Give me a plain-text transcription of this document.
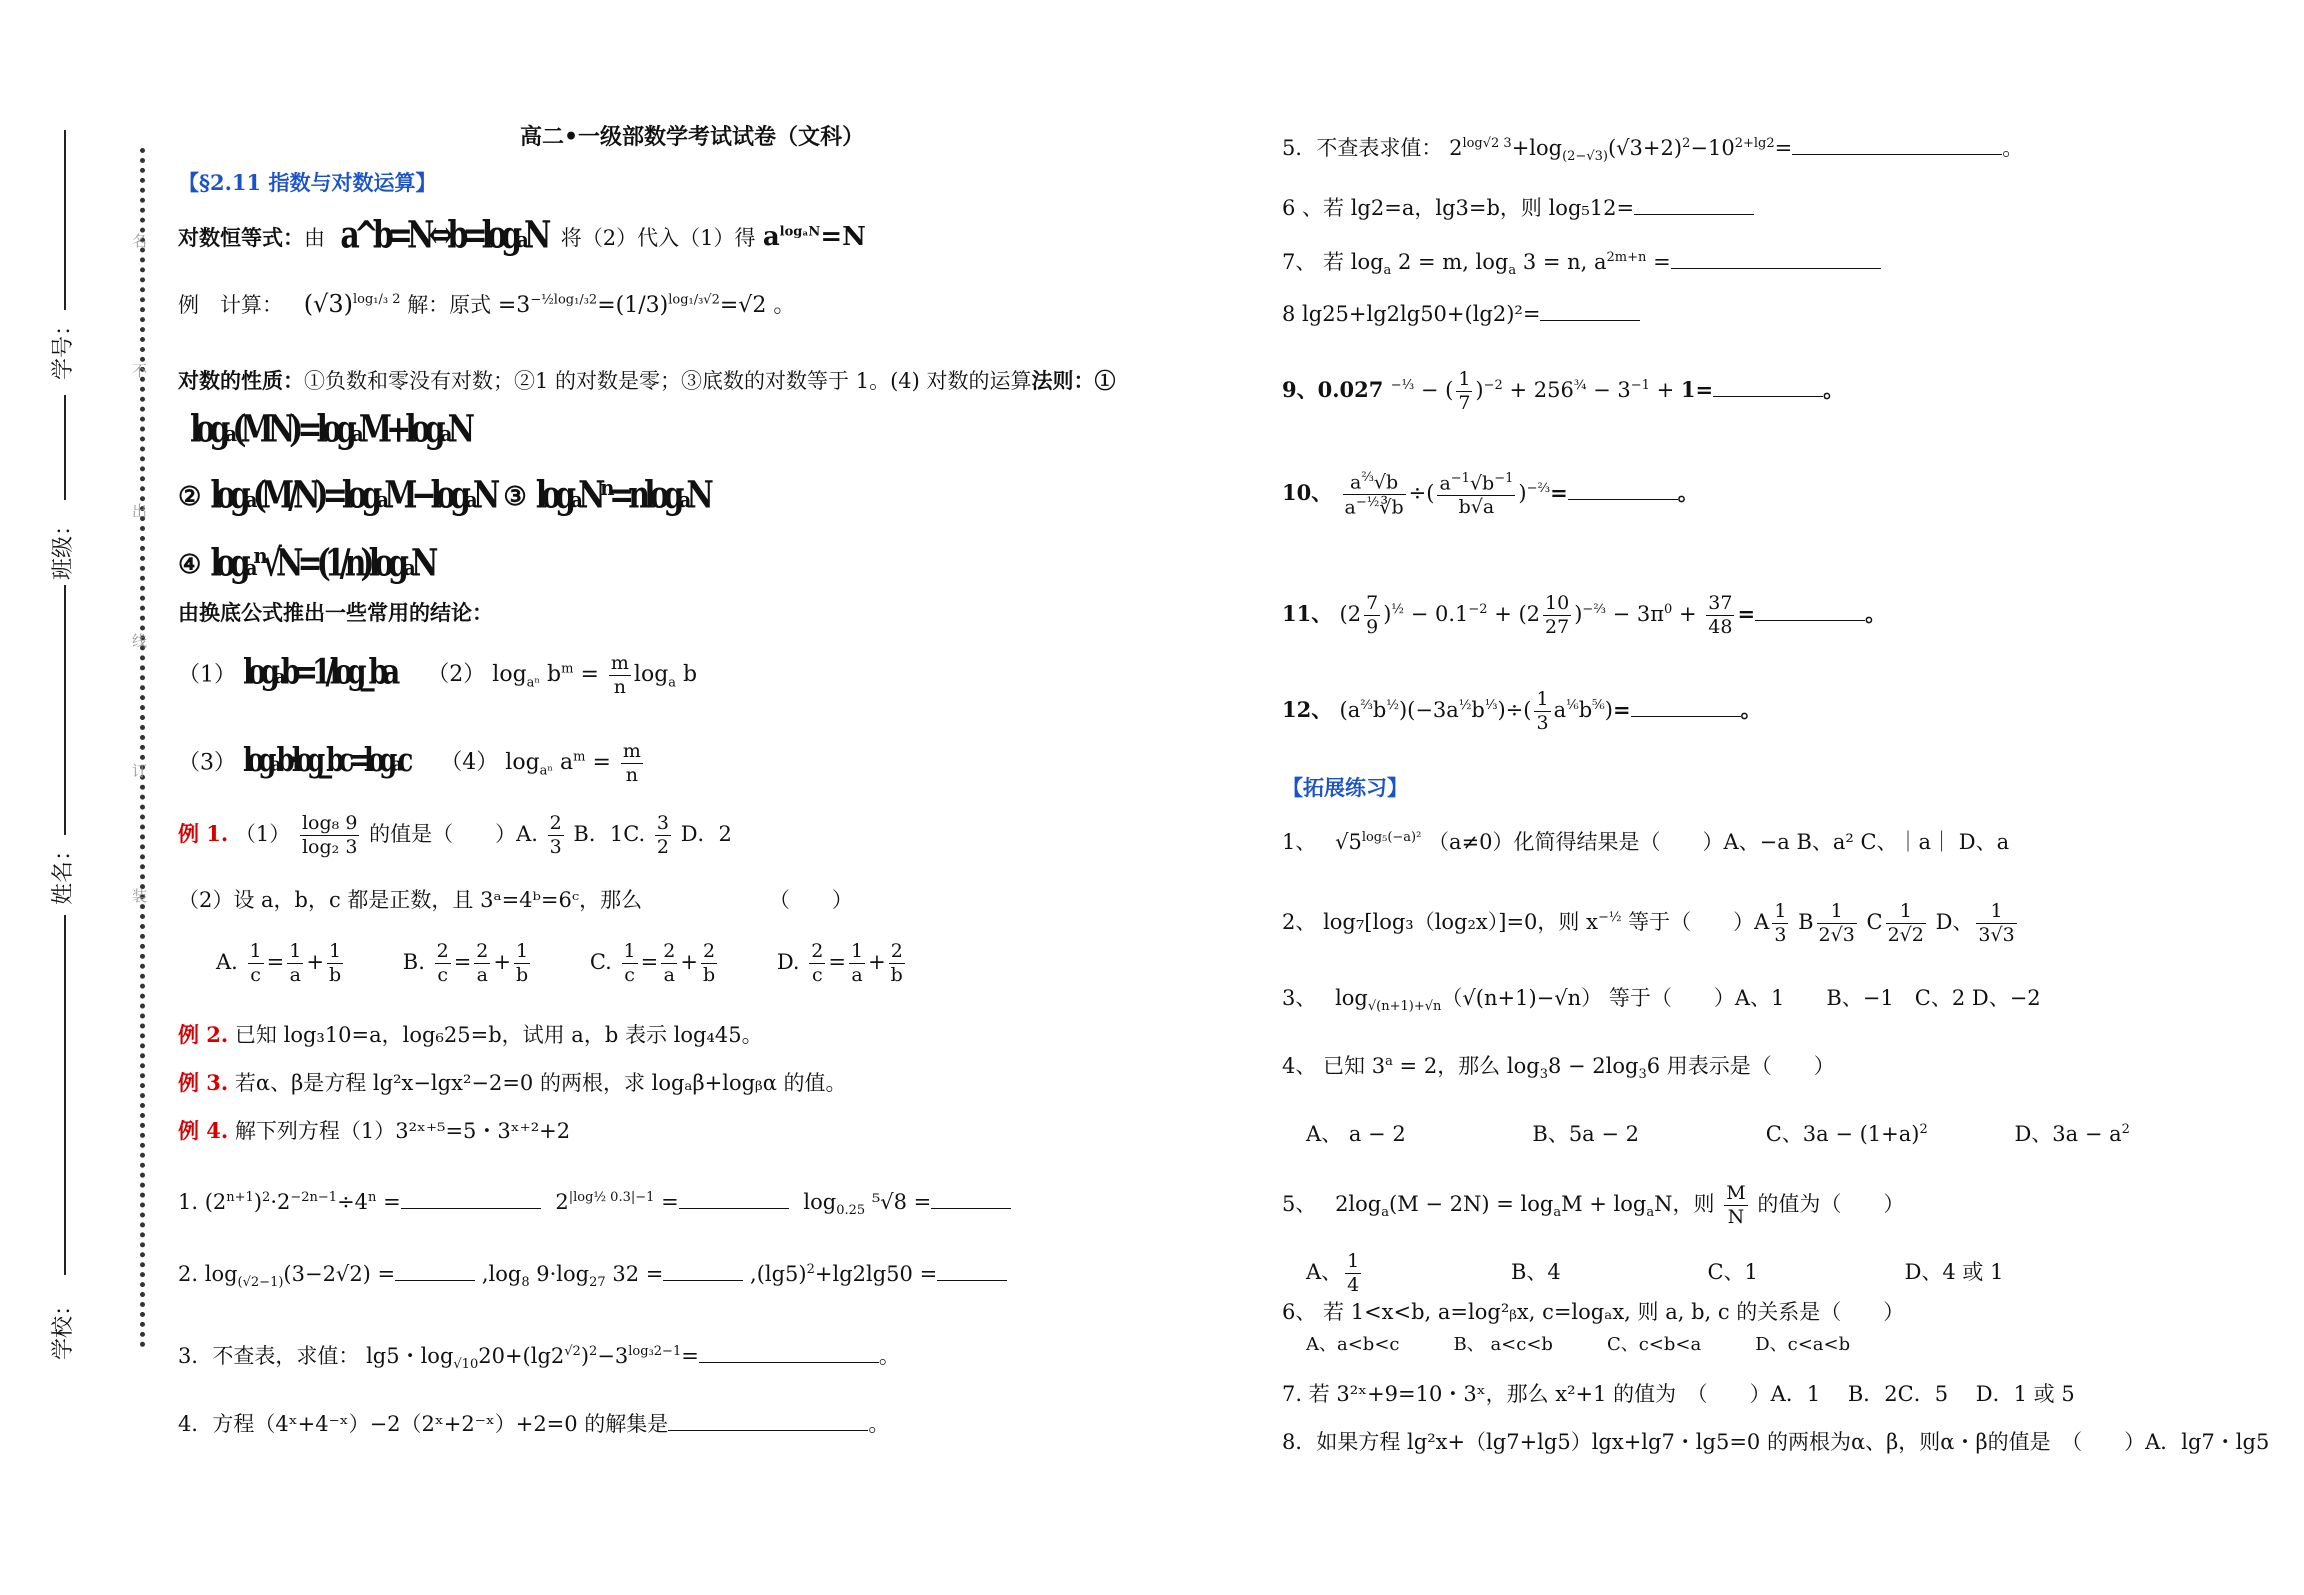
学号：
班级：
姓名：
学校：
名
不
出
线
订
装
高二•一级部数学考试试卷（文科）
【§2.11 指数与对数运算】
对数恒等式：由 a^b=N⇔b=logₐN 将（2）代入（1）得 $a^{log_aN}=N$
例　计算： $(√3)^{log_1/_3 2}$ 解：原式 $=3^{-\frac{1}{2}log_1/_32}=(1/3)^{log_1/_3√2}=√2$ 。
对数的性质：①负数和零没有对数；②1 的对数是零；③底数的对数等于 1。(4) 对数的运算法则：①
logₐ(MN)=logₐM+logₐN
② logₐ(M/N)=logₐM−logₐN ③ logₐNⁿ=nlogₐN
④ logₐⁿ√N=(1/n)logₐN
由换底公式推出一些常用的结论：
（1） logₐb=1/log_ba （2） $\log_{a^n} b^m = \frac{m}{n} \log_a b$
（3） logₐb·log_bc=logₐc （4） $\log_{a^n} a^m = \frac{m}{n}$
例 1. $(1) \frac{\text{log₈ 9}}{\text{log₂ 3}}$ 的值是（　　）A. $\frac{2}{3}$ B．1C. $\frac{3}{2}$ D．2
（2）设 a，b，c 都是正数，且 3ᵃ=4ᵇ=6ᶜ，那么	（　　）
A. $\frac{1}{c} = \frac{1}{a} + \frac{1}{b}$	B. $\frac{2}{c} = \frac{2}{a} + \frac{1}{b}$	C. $\frac{1}{c} = \frac{2}{a} + \frac{2}{b}$	D. $\frac{2}{c} = \frac{1}{a} + \frac{2}{b}$
例 2. 已知 log₃10=a，log₆25=b，试用 a，b 表示 log₄45。
例 3. 若α、β是方程 lg²x−lgx²−2=0 的两根，求 logₐβ+logᵦα 的值。
例 4. 解下列方程（1）3²ˣ⁺⁵=5・3ˣ⁺²+2
1. $(2^{n+1})^2\cdot 2^{-2n-1}\div 4^n$ =	$2^{|log\frac{1}{2} 0.3|-1}$ =	$\log_{0.25} ^5√8$ =
2. $\log_{(√2-1)}(3-2√2)$ =	$,\log_8$ $9\cdot\log_{27}$ 32 =	$,(\lg 5)^2+\lg 2\lg 50$ =
3．不查表，求值： lg5・$\log_{√10}20+(\lg 2^{√2})^2-3^{log_32-1}=$	。
4．方程（4ˣ+4⁻ˣ）−2（2ˣ+2⁻ˣ）+2=0 的解集是	。
5．不查表求值： $2^{log√2 3}+\log_{(2-√3)}(√3+2)^2-10^{2+lg2}=$	。
6 、若 lg2=a，lg3=b，则 log₅12=
7、 若 $\log_a 2 = m$, $\log_a 3 = n$, $a^{2m+n}$ =
8 lg25+lg2lg50+(lg2)²=
9、0.027 $^{-\frac{1}{3}}$ − ( $\frac{1}{7} )^{-2} + 256^{\frac{3}{4}} - 3^{-1} + 1=$	。
10、 $\frac{a^{\frac{2}{3}}√b}{a^{-\frac{1}{2}}∛b}$ ÷( $\frac{a^{-1}√b^{-1}}{b√a} )^{-\frac{2}{3}}=$	。
11、 $(2 \frac{7}{9} )^{\frac{1}{2}} - 0.1^{-2} + (2 \frac{10}{27} )^{-\frac{2}{3}} - 3\pi^0 + \frac{37}{48}$ =	。
12、 $(a^{\frac{2}{3}}b^{\frac{1}{2}})(-3a^{\frac{1}{2}}b^{\frac{1}{3}})\div( \frac{1}{3} a^{\frac{1}{6}}b^{\frac{5}{6}})=$	。
【拓展练习】
1、 $√5^{log_5(-a)^2}$ （a≠0）化简得结果是（　　）A、−a B、a² C、｜a｜ D、a
2、 log₇[log₃（log₂x）]=0，则 $x^{-\frac{1}{2}}$ 等于（　　）$A \frac{1}{3}$ B $\frac{1}{2√3}$ C $\frac{1}{2√2}$ D、 $\frac{1}{3√3}$
3、 $\log_{√(n+1)+√n}(√(n+1)-√n)$ 等于（　　）A、1　　B、−1　C、2 D、−2
4、 已知 $3^a = 2$，那么 $\log_38 - 2\log_36$ 用表示是（　　）
A、 a − 2	B、5a − 2	C、$3a - (1+a)^2$	D、$3a - a^2$
5、 $2\log_a(M - 2N) = \log_aM + \log_aN$，则 $\frac{M}{N}$ 的值为（　　）
A、 $\frac{1}{4}$	B、4	C、1	D、4 或 1
6、 若 1<x<b, a=log²ᵦx, c=logₐx, 则 a, b, c 的关系是（　　）
A、a<b<c　　　B、 a<c<b　　　C、c<b<a　　　D、c<a<b
7. 若 3²ˣ+9=10・3ˣ，那么 x²+1 的值为　（　　）A．1　 B．2C．5　 D．1 或 5
8．如果方程 lg²x+（lg7+lg5）lgx+lg7・lg5=0 的两根为α、β，则α・β的值是　（　　）A．lg7・lg5
